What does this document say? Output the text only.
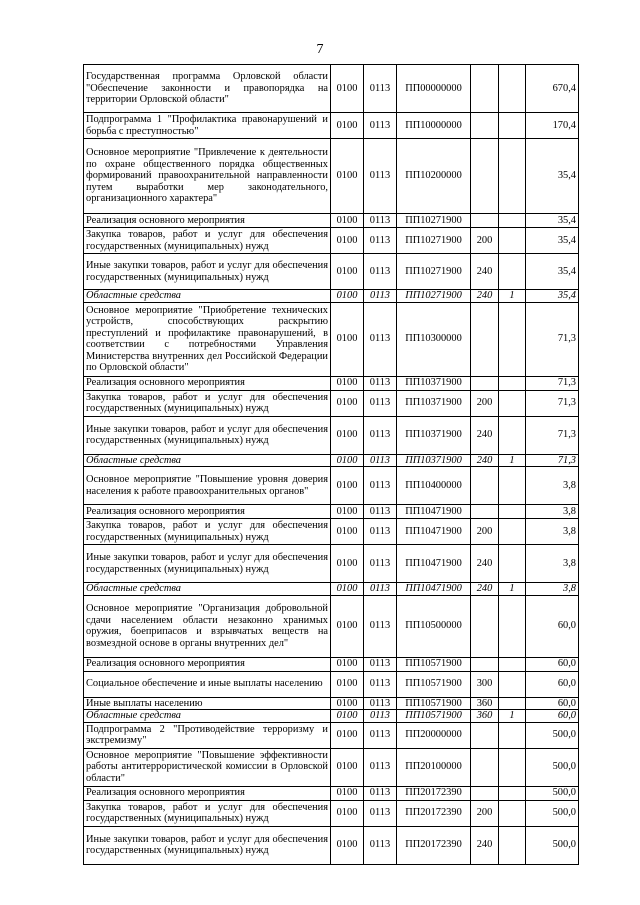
7
Государственная программа Орловской области "Обеспечение законности и правопорядка на территории Орловской области"	0100	0113	ПП00000000			670,4
Подпрограмма 1 "Профилактика правонарушений и борьба с преступностью"	0100	0113	ПП10000000			170,4
Основное мероприятие "Привлечение к деятельности по охране общественного порядка общественных формирований правоохранительной направленности путем выработки мер законодательного, организационного характера"	0100	0113	ПП10200000			35,4
Реализация основного мероприятия	0100	0113	ПП10271900			35,4
Закупка товаров, работ и услуг для обеспечения государственных (муниципальных) нужд	0100	0113	ПП10271900	200		35,4
Иные закупки товаров, работ и услуг для обеспечения государственных (муниципальных) нужд	0100	0113	ПП10271900	240		35,4
Областные средства	0100	0113	ПП10271900	240	1	35,4
Основное мероприятие "Приобретение технических устройств, способствующих раскрытию преступлений и профилактике правонарушений, в соответствии с потребностями Управления Министерства внутренних дел Российской Федерации по Орловской области"	0100	0113	ПП10300000			71,3
Реализация основного мероприятия	0100	0113	ПП10371900			71,3
Закупка товаров, работ и услуг для обеспечения государственных (муниципальных) нужд	0100	0113	ПП10371900	200		71,3
Иные закупки товаров, работ и услуг для обеспечения государственных (муниципальных) нужд	0100	0113	ПП10371900	240		71,3
Областные средства	0100	0113	ПП10371900	240	1	71,3
Основное мероприятие "Повышение уровня доверия населения к работе правоохранительных органов"	0100	0113	ПП10400000			3,8
Реализация основного мероприятия	0100	0113	ПП10471900			3,8
Закупка товаров, работ и услуг для обеспечения государственных (муниципальных) нужд	0100	0113	ПП10471900	200		3,8
Иные закупки товаров, работ и услуг для обеспечения государственных (муниципальных) нужд	0100	0113	ПП10471900	240		3,8
Областные средства	0100	0113	ПП10471900	240	1	3,8
Основное мероприятие "Организация добровольной сдачи населением области незаконно хранимых оружия, боеприпасов и взрывчатых веществ на возмездной основе в органы внутренних дел"	0100	0113	ПП10500000			60,0
Реализация основного мероприятия	0100	0113	ПП10571900			60,0
Социальное обеспечение и иные выплаты населению	0100	0113	ПП10571900	300		60,0
Иные выплаты населению	0100	0113	ПП10571900	360		60,0
Областные средства	0100	0113	ПП10571900	360	1	60,0
Подпрограмма 2 "Противодействие терроризму и экстремизму"	0100	0113	ПП20000000			500,0
Основное мероприятие "Повышение эффективности работы антитеррористической комиссии в Орловской области"	0100	0113	ПП20100000			500,0
Реализация основного мероприятия	0100	0113	ПП20172390			500,0
Закупка товаров, работ и услуг для обеспечения государственных (муниципальных) нужд	0100	0113	ПП20172390	200		500,0
Иные закупки товаров, работ и услуг для обеспечения государственных (муниципальных) нужд	0100	0113	ПП20172390	240		500,0
